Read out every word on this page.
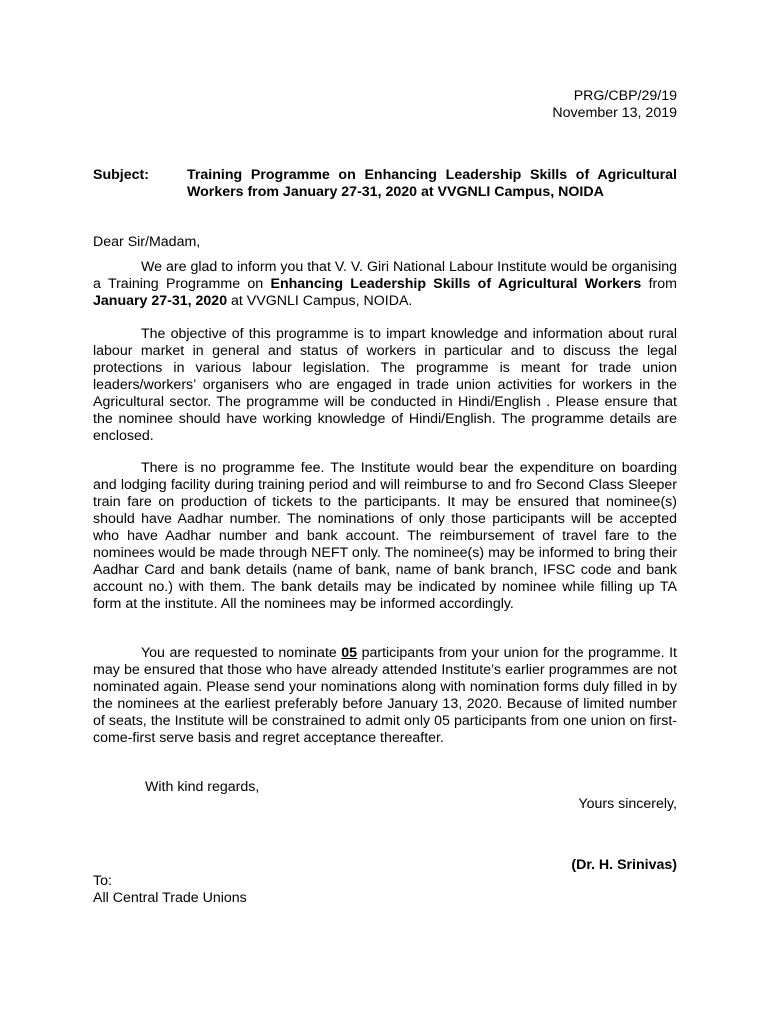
PRG/CBP/29/19
November 13, 2019
Subject:	Training Programme on Enhancing Leadership Skills of Agricultural Workers from January 27-31, 2020 at VVGNLI Campus, NOIDA
Dear Sir/Madam,
We are glad to inform you that V. V. Giri National Labour Institute would be organising a Training Programme on Enhancing Leadership Skills of Agricultural Workers from January 27-31, 2020 at VVGNLI Campus, NOIDA.
The objective of this programme is to impart knowledge and information about rural labour market in general and status of workers in particular and to discuss the legal protections in various labour legislation. The programme is meant for trade union leaders/workers’ organisers who are engaged in trade union activities for workers in the Agricultural sector. The programme will be conducted in Hindi/English . Please ensure that the nominee should have working knowledge of Hindi/English. The programme details are enclosed.
There is no programme fee. The Institute would bear the expenditure on boarding and lodging facility during training period and will reimburse to and fro Second Class Sleeper train fare on production of tickets to the participants. It may be ensured that nominee(s) should have Aadhar number. The nominations of only those participants will be accepted who have Aadhar number and bank account. The reimbursement of travel fare to the nominees would be made through NEFT only. The nominee(s) may be informed to bring their Aadhar Card and bank details (name of bank, name of bank branch, IFSC code and bank account no.) with them. The bank details may be indicated by nominee while filling up TA form at the institute. All the nominees may be informed accordingly.
You are requested to nominate 05 participants from your union for the programme. It may be ensured that those who have already attended Institute’s earlier programmes are not nominated again. Please send your nominations along with nomination forms duly filled in by the nominees at the earliest preferably before January 13, 2020. Because of limited number of seats, the Institute will be constrained to admit only 05 participants from one union on first-come-first serve basis and regret acceptance thereafter.
With kind regards,
Yours sincerely,
(Dr. H. Srinivas)
To:
All Central Trade Unions
